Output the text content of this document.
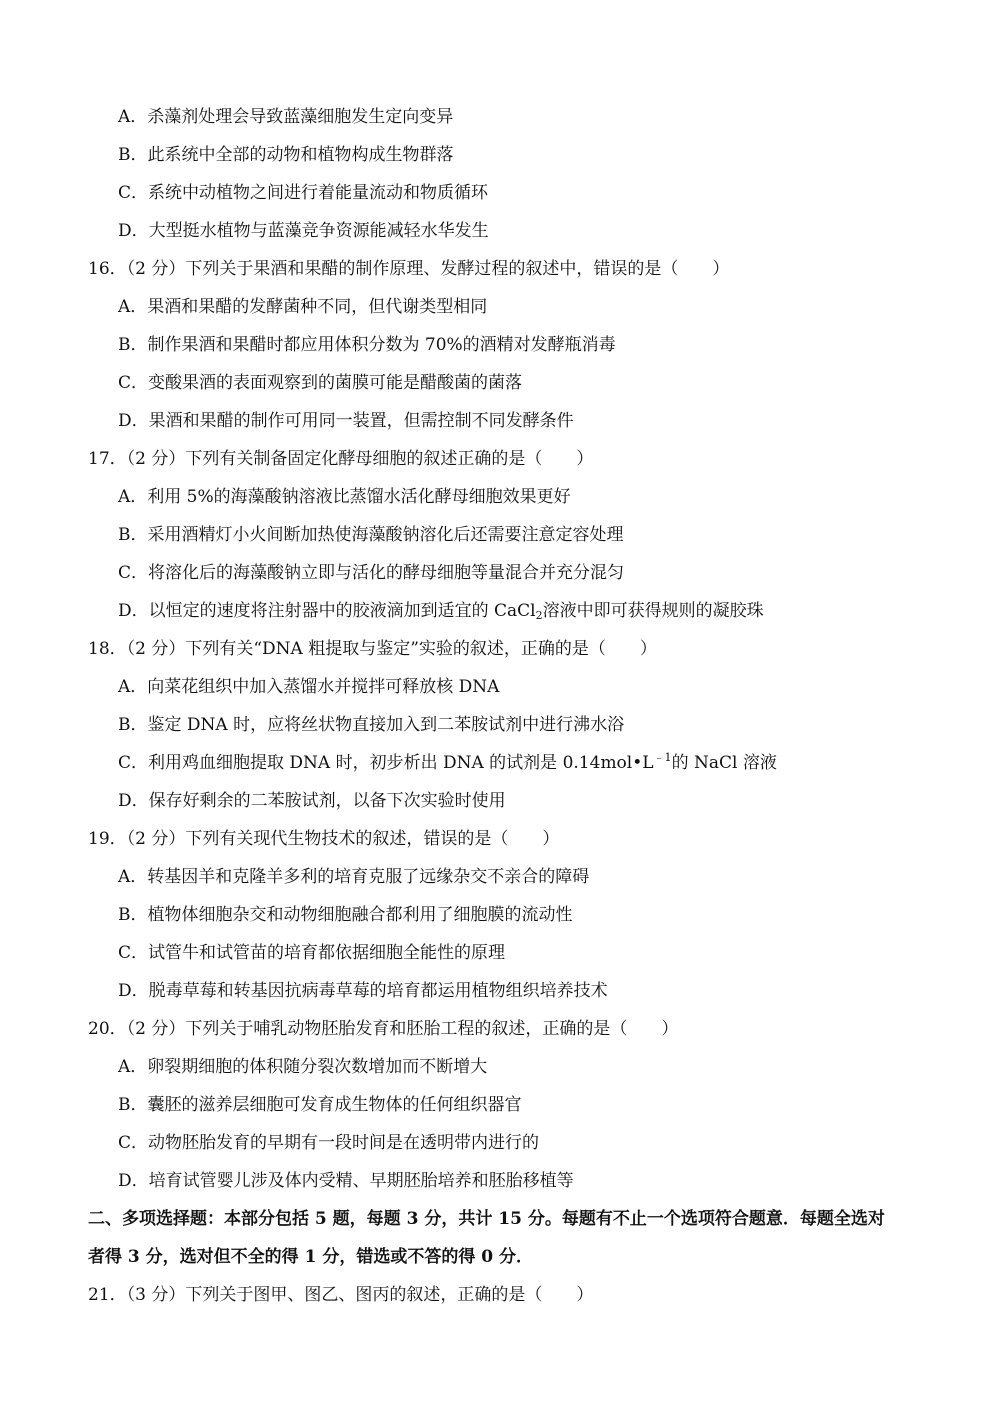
A．杀藻剂处理会导致蓝藻细胞发生定向变异
B．此系统中全部的动物和植物构成生物群落
C．系统中动植物之间进行着能量流动和物质循环
D．大型挺水植物与蓝藻竞争资源能减轻水华发生
16．（2 分）下列关于果酒和果醋的制作原理、发酵过程的叙述中，错误的是（　　）
A．果酒和果醋的发酵菌种不同，但代谢类型相同
B．制作果酒和果醋时都应用体积分数为 70%的酒精对发酵瓶消毒
C．变酸果酒的表面观察到的菌膜可能是醋酸菌的菌落
D．果酒和果醋的制作可用同一装置，但需控制不同发酵条件
17．（2 分）下列有关制备固定化酵母细胞的叙述正确的是（　　）
A．利用 5%的海藻酸钠溶液比蒸馏水活化酵母细胞效果更好
B．采用酒精灯小火间断加热使海藻酸钠溶化后还需要注意定容处理
C．将溶化后的海藻酸钠立即与活化的酵母细胞等量混合并充分混匀
D．以恒定的速度将注射器中的胶液滴加到适宜的 CaCl$_2$溶液中即可获得规则的凝胶珠
18．（2 分）下列有关“DNA 粗提取与鉴定”实验的叙述，正确的是（　　）
A．向菜花组织中加入蒸馏水并搅拌可释放核 DNA
B．鉴定 DNA 时，应将丝状物直接加入到二苯胺试剂中进行沸水浴
C．利用鸡血细胞提取 DNA 时，初步析出 DNA 的试剂是 $0.14mol•L^{﹣1}$的 NaCl 溶液
D．保存好剩余的二苯胺试剂，以备下次实验时使用
19．（2 分）下列有关现代生物技术的叙述，错误的是（　　）
A．转基因羊和克隆羊多利的培育克服了远缘杂交不亲合的障碍
B．植物体细胞杂交和动物细胞融合都利用了细胞膜的流动性
C．试管牛和试管苗的培育都依据细胞全能性的原理
D．脱毒草莓和转基因抗病毒草莓的培育都运用植物组织培养技术
20．（2 分）下列关于哺乳动物胚胎发育和胚胎工程的叙述，正确的是（　　）
A．卵裂期细胞的体积随分裂次数增加而不断增大
B．囊胚的滋养层细胞可发育成生物体的任何组织器官
C．动物胚胎发育的早期有一段时间是在透明带内进行的
D．培育试管婴儿涉及体内受精、早期胚胎培养和胚胎移植等
二、多项选择题：本部分包括 5 题，每题 3 分，共计 15 分。每题有不止一个选项符合题意．每题全选对
者得 3 分，选对但不全的得 1 分，错选或不答的得 0 分．
21．（3 分）下列关于图甲、图乙、图丙的叙述，正确的是（　　）
